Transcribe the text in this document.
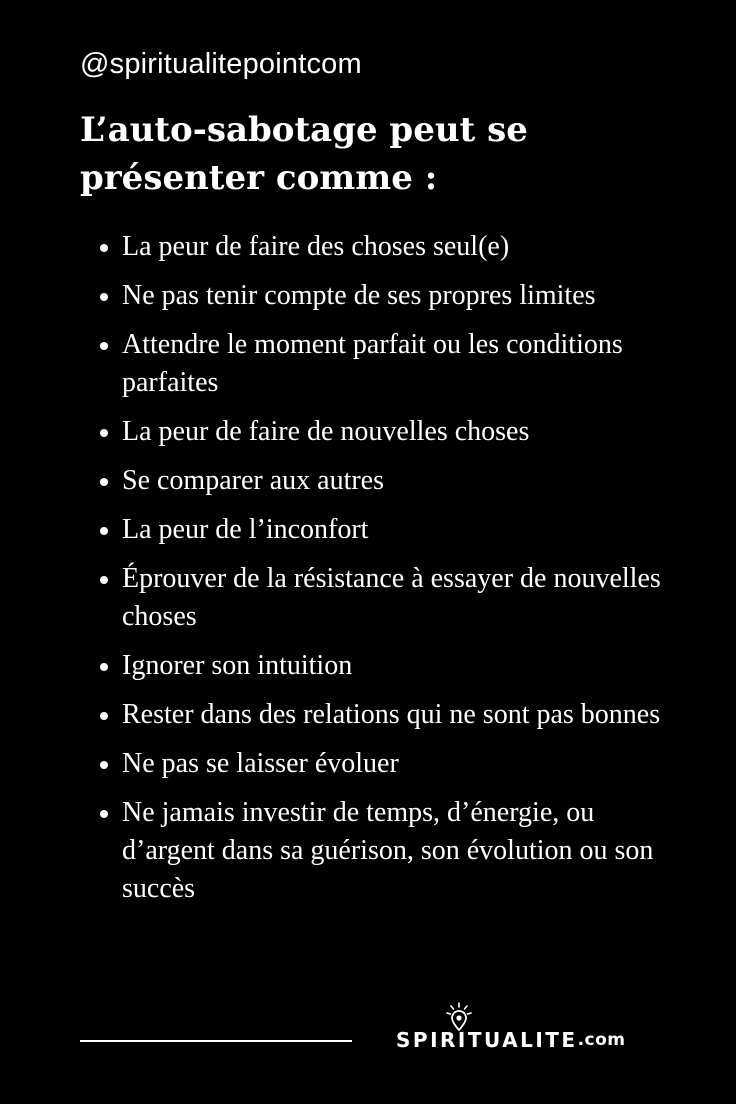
@spiritualitepointcom
L’auto-sabotage peut se présenter comme :
La peur de faire des choses seul(e)
Ne pas tenir compte de ses propres limites
Attendre le moment parfait ou les conditions parfaites
La peur de faire de nouvelles choses
Se comparer aux autres
La peur de l’inconfort
Éprouver de la résistance à essayer de nouvelles choses
Ignorer son intuition
Rester dans des relations qui ne sont pas bonnes
Ne pas se laisser évoluer
Ne jamais investir de temps, d’énergie, ou d’argent dans sa guérison, son évolution ou son succès
SPIRITUALITE .com
